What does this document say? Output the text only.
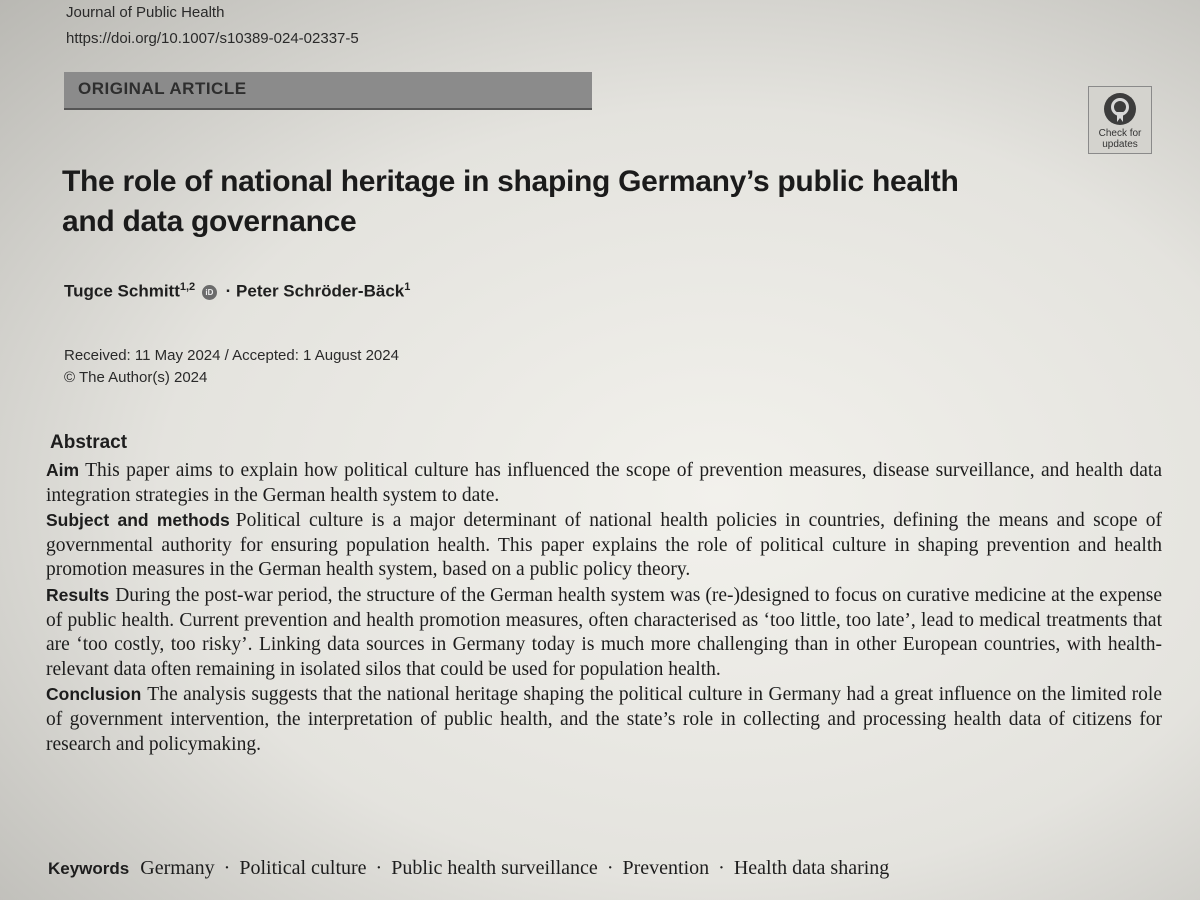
Journal of Public Health
https://doi.org/10.1007/s10389-024-02337-5
ORIGINAL ARTICLE
Check for
updates
The role of national heritage in shaping Germany’s public health
and data governance
Tugce Schmitt$^{1,2}$ iD · Peter Schröder-Bäck$^1$
Received: 11 May 2024 / Accepted: 1 August 2024
© The Author(s) 2024
Abstract

Aim This paper aims to explain how political culture has influenced the scope of prevention measures, disease surveillance, and health data integration strategies in the German health system to date.

Subject and methods Political culture is a major determinant of national health policies in countries, defining the means and scope of governmental authority for ensuring population health. This paper explains the role of political culture in shaping prevention and health promotion measures in the German health system, based on a public policy theory.

Results During the post-war period, the structure of the German health system was (re-)designed to focus on curative medicine at the expense of public health. Current prevention and health promotion measures, often characterised as ‘too little, too late’, lead to medical treatments that are ‘too costly, too risky’. Linking data sources in Germany today is much more challenging than in other European countries, with health-relevant data often remaining in isolated silos that could be used for population health.

Conclusion The analysis suggests that the national heritage shaping the political culture in Germany had a great influence on the limited role of government intervention, the interpretation of public health, and the state’s role in collecting and processing health data of citizens for research and policymaking.

Keywords Germany · Political culture · Public health surveillance · Prevention · Health data sharing
